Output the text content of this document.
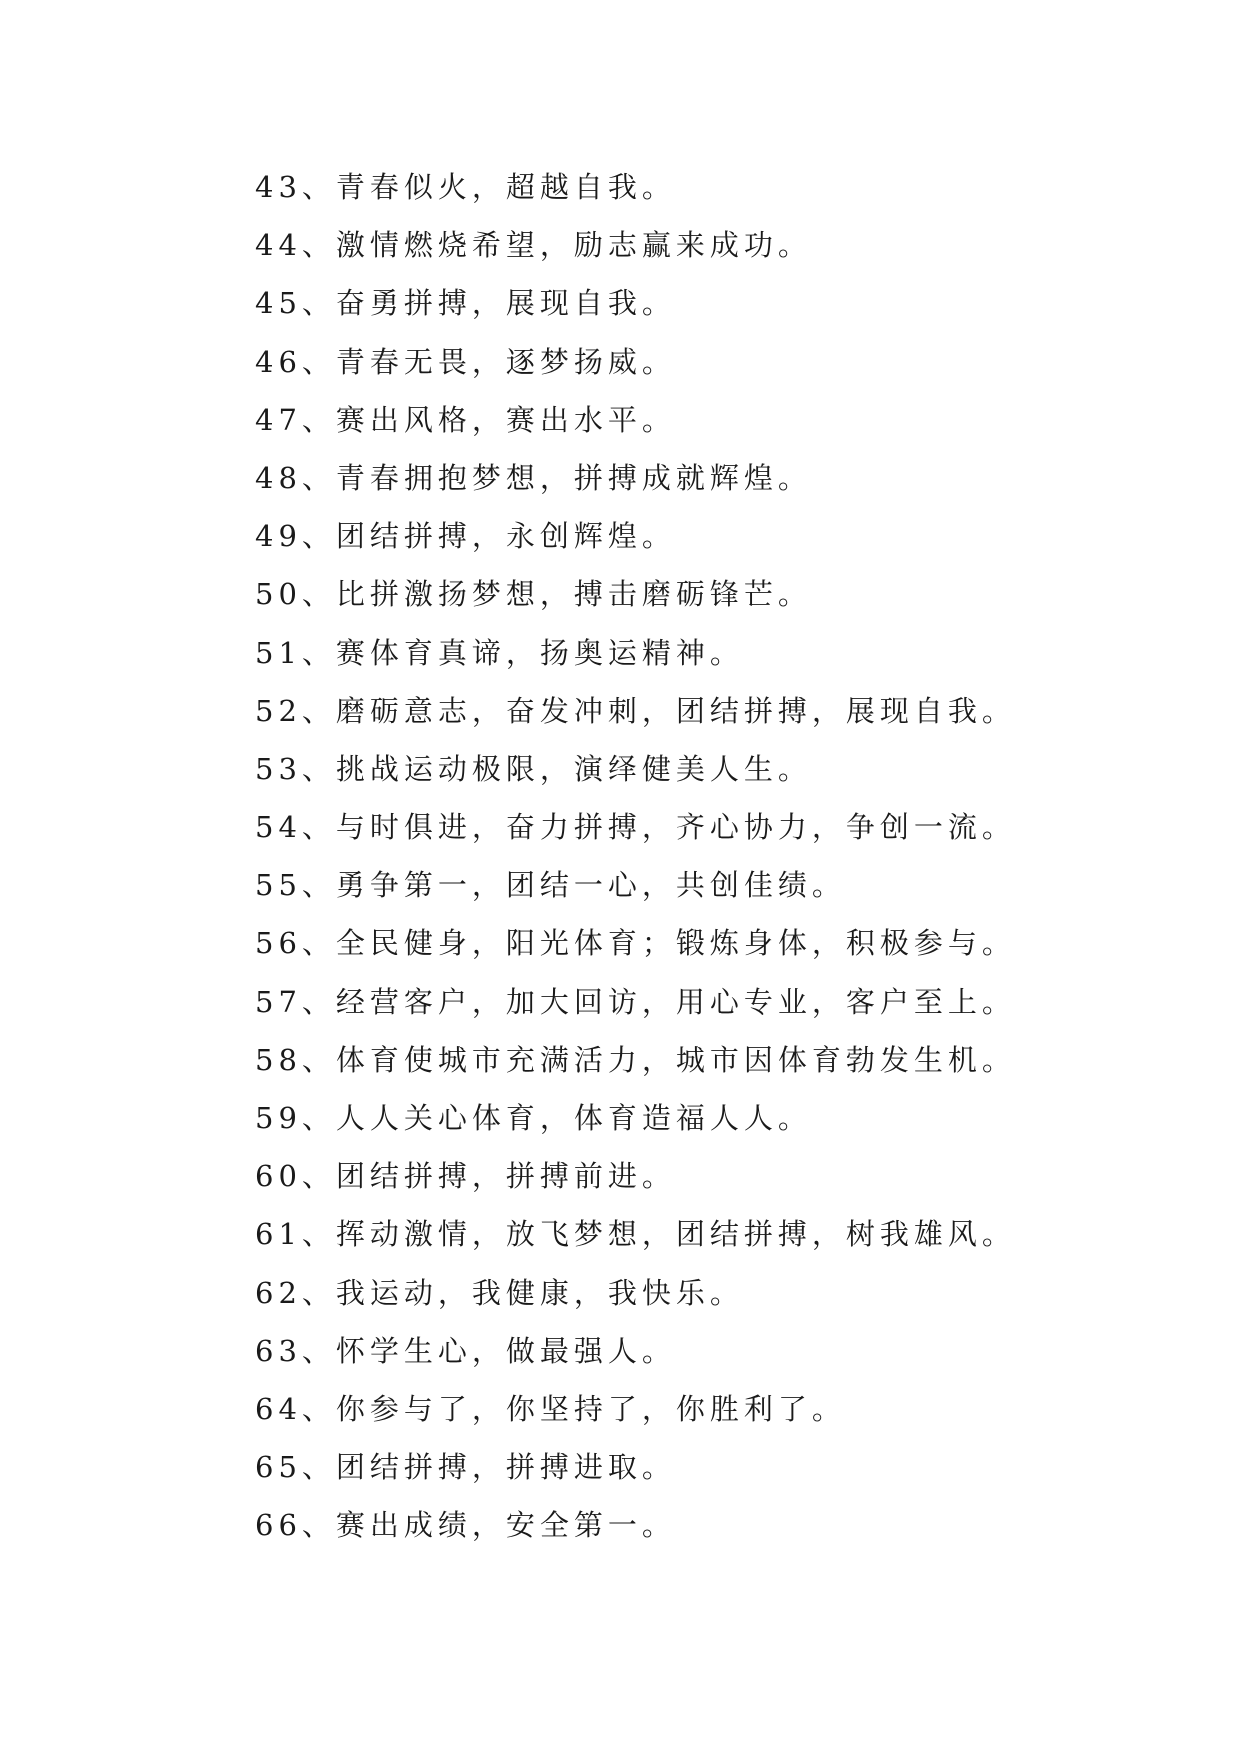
43、青春似火，超越自我。
44、激情燃烧希望，励志赢来成功。
45、奋勇拼搏，展现自我。
46、青春无畏，逐梦扬威。
47、赛出风格，赛出水平。
48、青春拥抱梦想，拼搏成就辉煌。
49、团结拼搏，永创辉煌。
50、比拼激扬梦想，搏击磨砺锋芒。
51、赛体育真谛，扬奥运精神。
52、磨砺意志，奋发冲刺，团结拼搏，展现自我。
53、挑战运动极限，演绎健美人生。
54、与时俱进，奋力拼搏，齐心协力，争创一流。
55、勇争第一，团结一心，共创佳绩。
56、全民健身，阳光体育；锻炼身体，积极参与。
57、经营客户，加大回访，用心专业，客户至上。
58、体育使城市充满活力，城市因体育勃发生机。
59、人人关心体育，体育造福人人。
60、团结拼搏，拼搏前进。
61、挥动激情，放飞梦想，团结拼搏，树我雄风。
62、我运动，我健康，我快乐。
63、怀学生心，做最强人。
64、你参与了，你坚持了，你胜利了。
65、团结拼搏，拼搏进取。
66、赛出成绩，安全第一。
